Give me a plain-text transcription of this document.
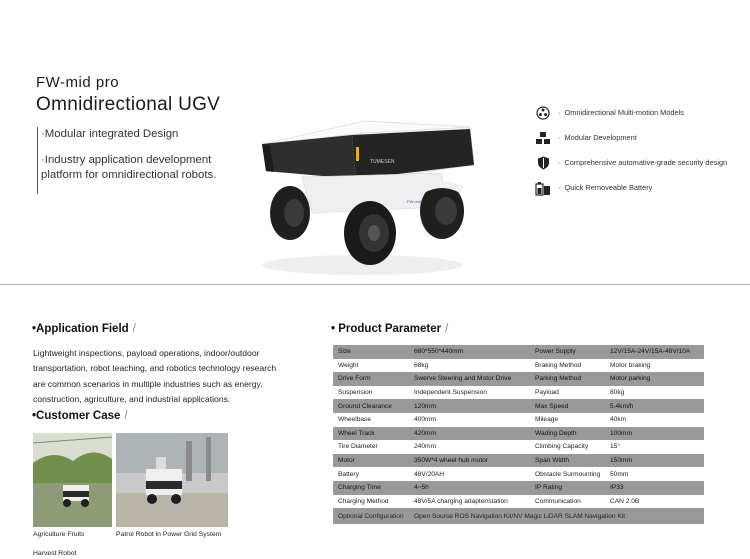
FW-mid pro
Omnidirectional UGV

·Modular integrated Design

·Industry application development platform for omnidirectional robots.

TUMESEN
FW-mid
· Omnidirectional Multi-motion Models
· Modular Development
· Comprehensive automative-grade security design
· Quick Removeable Battery
•Application Field /
Lightweight inspections, payload operations, indoor/outdoor transportation, robot teaching, and robotics technology research are common scenarios in multiple industries such as energy, construction, agriculture, and industrial applications.
•Customer Case /
Agriculture Fruits	Patrol Robot in Power Grid System
Harvest Robot
• Product Parameter /
Size	680*550*440mm	Power Supply	12V/15A-24V/15A-48V/10A
Weight	68kg	Braking Method	Motor braking
Drive Form	Swerve Steering and Motor Drive	Parking Method	Motor parking
Suspension	Independent Suspension	Payload	80kg
Ground Clearance	120mm	Max Speed	5.4km/h
Wheelbase	400mm	Mileage	40km
Wheel Track	420mm	Wading Depth	100mm
Tire Diameter	240mm	Climbing Capacity	15°
Motor	350W*4 wheel hub motor	Span Width	150mm
Battery	48V/20AH	Obstacle Surmounting	50mm
Charging Time	4~5h	IP Rating	IP33
Charging Method	48V/5A charging adapter/station	Communication	CAN 2.0B
Optional Configuration	Open Source ROS Navigation Kit/NV Magic LiDAR SLAM Navigation Kit		
